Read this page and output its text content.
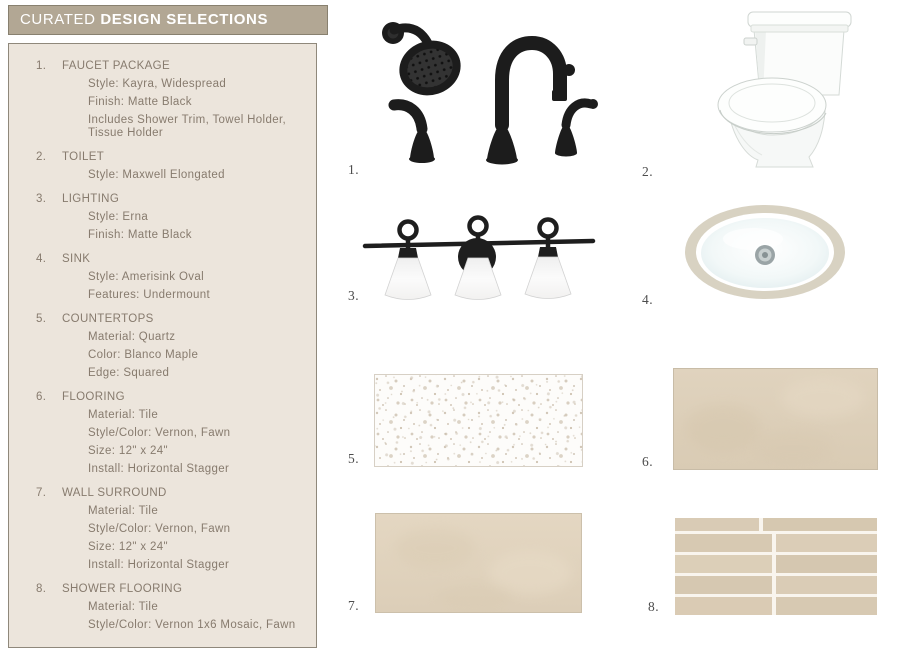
CURATED DESIGN SELECTIONS
1.	FAUCET PACKAGE
Style: Kayra, Widespread
Finish: Matte Black
Includes Shower Trim, Towel Holder, Tissue Holder
2.	TOILET
Style: Maxwell Elongated
3.	LIGHTING
Style: Erna
Finish: Matte Black
4.	SINK
Style: Amerisink Oval
Features: Undermount
5.	COUNTERTOPS
Material: Quartz
Color: Blanco Maple
Edge: Squared
6.	FLOORING
Material: Tile
Style/Color: Vernon, Fawn
Size: 12" x 24"
Install: Horizontal Stagger
7.	WALL SURROUND
Material: Tile
Style/Color: Vernon, Fawn
Size: 12" x 24"
Install: Horizontal Stagger
8.	SHOWER FLOORING
Material: Tile
Style/Color: Vernon 1x6 Mosaic, Fawn
1.	2.
3.	4.
5.	6.
7.	8.
